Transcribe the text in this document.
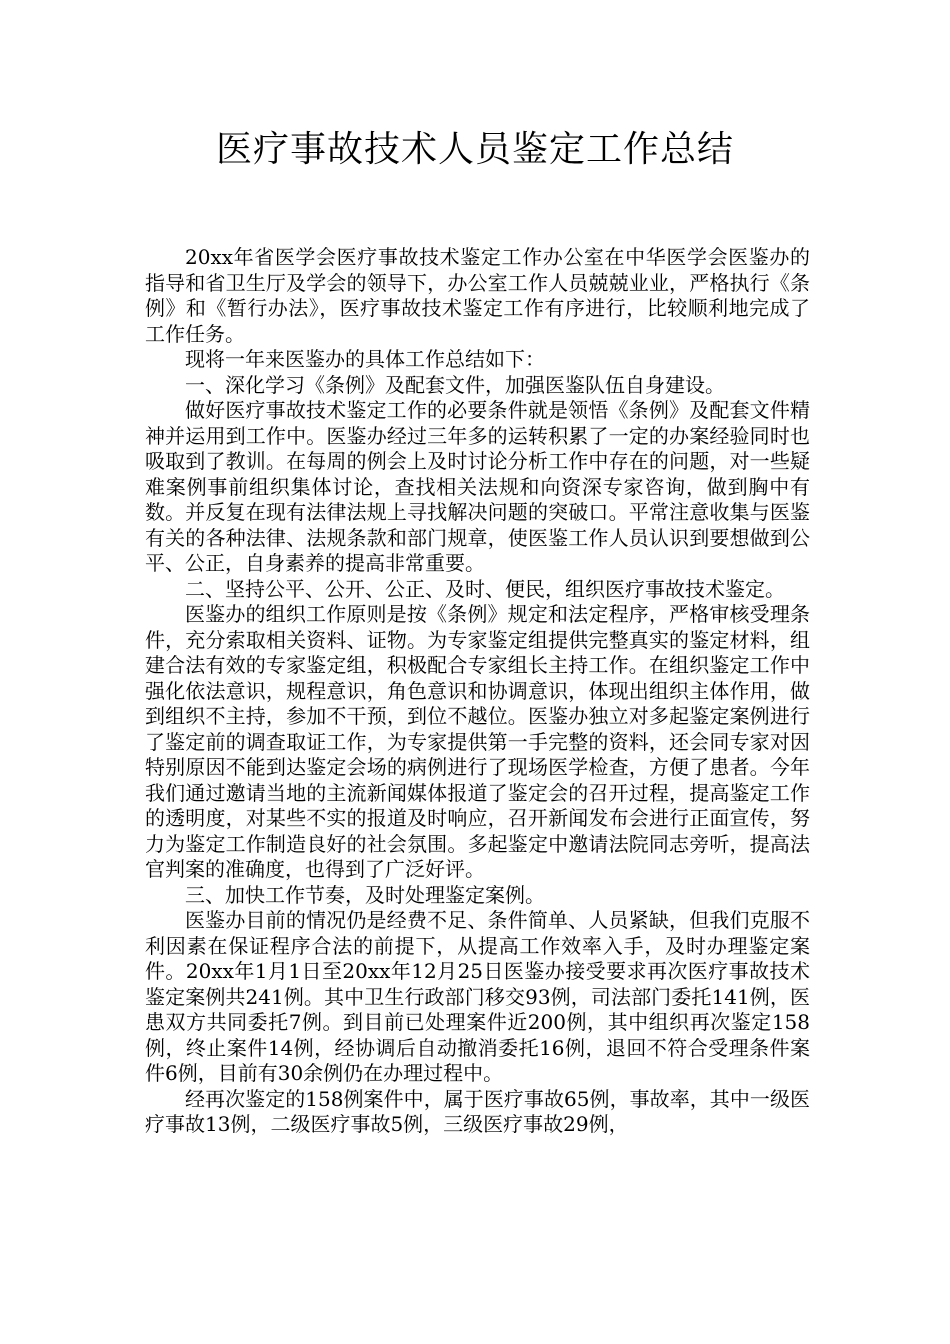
医疗事故技术人员鉴定工作总结

20xx年省医学会医疗事故技术鉴定工作办公室在中华医学会医鉴办的指导和省卫生厅及学会的领导下，办公室工作人员兢兢业业，严格执行《条例》和《暂行办法》，医疗事故技术鉴定工作有序进行，比较顺利地完成了工作任务。

现将一年来医鉴办的具体工作总结如下：

一、深化学习《条例》及配套文件，加强医鉴队伍自身建设。

做好医疗事故技术鉴定工作的必要条件就是领悟《条例》及配套文件精神并运用到工作中。医鉴办经过三年多的运转积累了一定的办案经验同时也吸取到了教训。在每周的例会上及时讨论分析工作中存在的问题，对一些疑难案例事前组织集体讨论，查找相关法规和向资深专家咨询，做到胸中有数。并反复在现有法律法规上寻找解决问题的突破口。平常注意收集与医鉴有关的各种法律、法规条款和部门规章，使医鉴工作人员认识到要想做到公平、公正，自身素养的提高非常重要。

二、坚持公平、公开、公正、及时、便民，组织医疗事故技术鉴定。

医鉴办的组织工作原则是按《条例》规定和法定程序，严格审核受理条件，充分索取相关资料、证物。为专家鉴定组提供完整真实的鉴定材料，组建合法有效的专家鉴定组，积极配合专家组长主持工作。在组织鉴定工作中强化依法意识，规程意识，角色意识和协调意识，体现出组织主体作用，做到组织不主持，参加不干预，到位不越位。医鉴办独立对多起鉴定案例进行了鉴定前的调查取证工作，为专家提供第一手完整的资料，还会同专家对因特别原因不能到达鉴定会场的病例进行了现场医学检查，方便了患者。今年我们通过邀请当地的主流新闻媒体报道了鉴定会的召开过程，提高鉴定工作的透明度，对某些不实的报道及时响应，召开新闻发布会进行正面宣传，努力为鉴定工作制造良好的社会氛围。多起鉴定中邀请法院同志旁听，提高法官判案的准确度，也得到了广泛好评。

三、加快工作节奏，及时处理鉴定案例。

医鉴办目前的情况仍是经费不足、条件简单、人员紧缺，但我们克服不利因素在保证程序合法的前提下，从提高工作效率入手，及时办理鉴定案件。20xx年1月1日至20xx年12月25日医鉴办接受要求再次医疗事故技术鉴定案例共241例。其中卫生行政部门移交93例，司法部门委托141例，医患双方共同委托7例。到目前已处理案件近200例，其中组织再次鉴定158例，终止案件14例，经协调后自动撤消委托16例，退回不符合受理条件案件6例，目前有30余例仍在办理过程中。

经再次鉴定的158例案件中，属于医疗事故65例，事故率，其中一级医疗事故13例，二级医疗事故5例，三级医疗事故29例，
